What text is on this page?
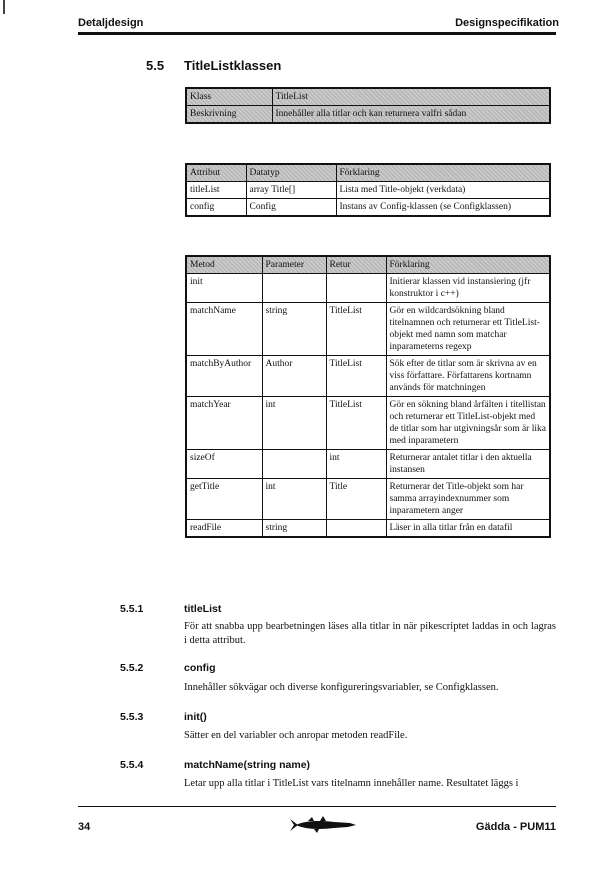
Detaljdesign	Designspecifikation
5.5 TitleListklassen
Klass	TitleList
Beskrivning	Innehåller alla titlar och kan returnera valfri sådan
Attribut	Datatyp	Förklaring
titleList	array Title[]	Lista med Title-objekt (verkdata)
config	Config	Instans av Config-klassen (se Configklassen)
Metod	Parameter	Retur	Förklaring
init			Initierar klassen vid instansiering (jfr konstruktor i c++)
matchName	string	TitleList	Gör en wildcardsökning bland titelnamnen och returnerar ett TitleList-objekt med namn som matchar inparameterns regexp
matchByAuthor	Author	TitleList	Sök efter de titlar som är skrivna av en viss författare. Författarens kortnamn används för matchningen
matchYear	int	TitleList	Gör en sökning bland årfälten i titellistan och returnerar ett TitleList-objekt med de titlar som har utgivningsår som är lika med inparametern
sizeOf		int	Returnerar antalet titlar i den aktuella instansen
getTitle	int	Title	Returnerar det Title-objekt som har samma arrayindexnummer som inparametern anger
readFile	string		Läser in alla titlar från en datafil
5.5.1	titleList
För att snabba upp bearbetningen läses alla titlar in när pikescriptet laddas in och lagras i detta attribut.
5.5.2	config
Innehåller sökvägar och diverse konfigureringsvariabler, se Configklassen.
5.5.3	init()
Sätter en del variabler och anropar metoden readFile.
5.5.4	matchName(string name)
Letar upp alla titlar i TitleList vars titelnamn innehåller name. Resultatet läggs i
34	Gädda - PUM11
